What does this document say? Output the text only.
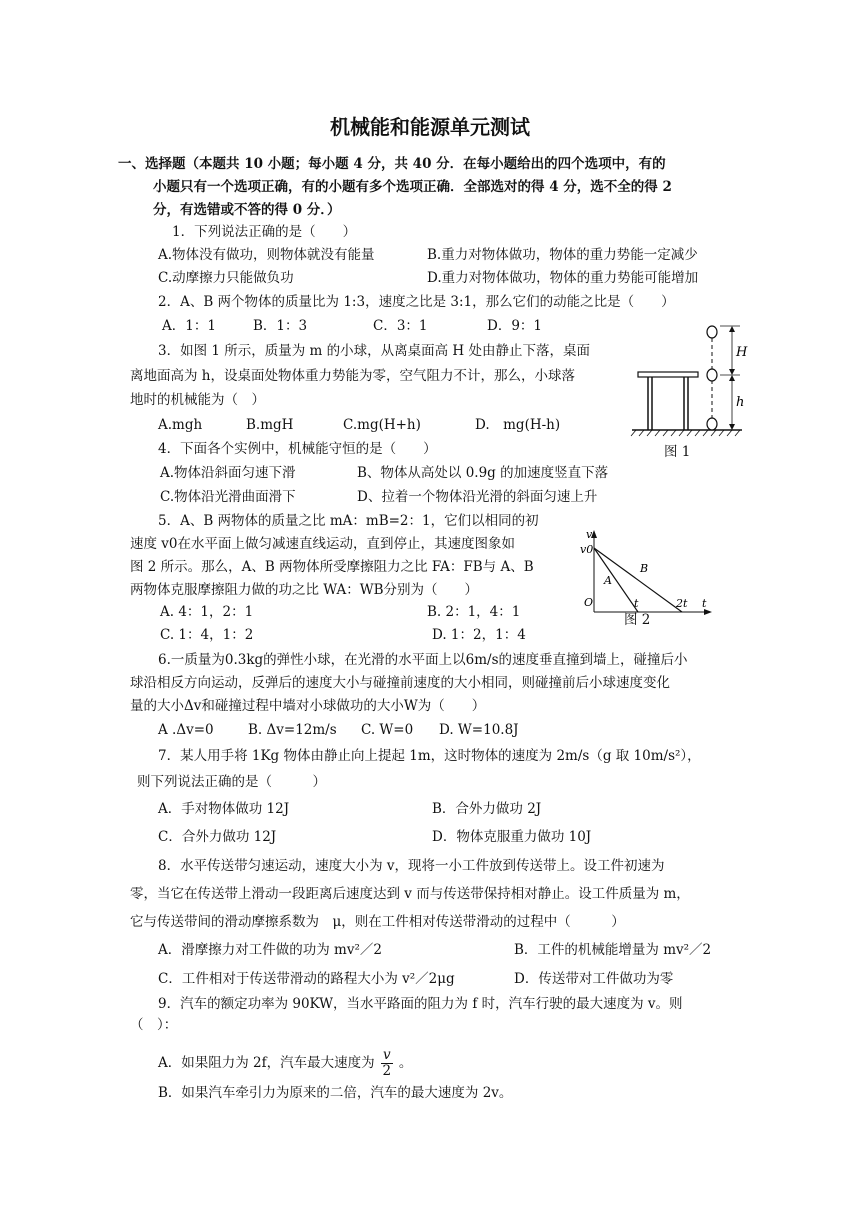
机械能和能源单元测试
一、选择题（本题共 10 小题；每小题 4 分，共 40 分．在每小题给出的四个选项中，有的
小题只有一个选项正确，有的小题有多个选项正确．全部选对的得 4 分，选不全的得 2
分，有选错或不答的得 0 分．）
1．下列说法正确的是（　　）
A.物体没有做功，则物体就没有能量	B.重力对物体做功，物体的重力势能一定减少
C.动摩擦力只能做负功	D.重力对物体做功，物体的重力势能可能增加
2．A、B 两个物体的质量比为 1:3，速度之比是 3:1，那么它们的动能之比是（　　）
A．1：1	B．1：3	C．3：1	D．9：1
3．如图 1 所示，质量为 m 的小球，从离桌面高 H 处由静止下落，桌面
离地面高为 h，设桌面处物体重力势能为零，空气阻力不计，那么，小球落
地时的机械能为（　）
A.mgh	B.mgH	C.mg(H+h)	D.　mg(H-h)
H
h
图 1
4．下面各个实例中，机械能守恒的是（　　）
A.物体沿斜面匀速下滑	B、物体从高处以 0.9g 的加速度竖直下落
C.物体沿光滑曲面滑下	D、拉着一个物体沿光滑的斜面匀速上升
5．A、B 两物体的质量之比 mA：mB=2：1，它们以相同的初
速度 v0在水平面上做匀减速直线运动，直到停止，其速度图象如
图 2 所示。那么，A、B 两物体所受摩擦阻力之比 FA：FB与 A、B
两物体克服摩擦阻力做的功之比 WA：WB分别为（　　）
A. 4：1，2：1	B. 2：1，4：1
C. 1：4，1：2	D. 1：2，1：4
v
v0
A
B
O	t	2t t
图 2
6.一质量为0.3kg的弹性小球，在光滑的水平面上以6m/s的速度垂直撞到墙上，碰撞后小
球沿相反方向运动，反弹后的速度大小与碰撞前速度的大小相同，则碰撞前后小球速度变化
量的大小Δv和碰撞过程中墙对小球做功的大小W为（　　）
A .Δv=0	B. Δv=12m/s C. W=0 D. W=10.8J
7．某人用手将 1Kg 物体由静止向上提起 1m，这时物体的速度为 2m/s（g 取 10m/s²），
则下列说法正确的是（　　　）
A．手对物体做功 12J	B．合外力做功 2J
C．合外力做功 12J	D．物体克服重力做功 10J
8．水平传送带匀速运动，速度大小为 v，现将一小工件放到传送带上。设工件初速为
零，当它在传送带上滑动一段距离后速度达到 v 而与传送带保持相对静止。设工件质量为 m，
它与传送带间的滑动摩擦系数为　μ，则在工件相对传送带滑动的过程中（　　　）
A．滑摩擦力对工件做的功为 mv²／2	B．工件的机械能增量为 mv²／2
C．工件相对于传送带滑动的路程大小为 v²／2μg	D．传送带对工件做功为零
9．汽车的额定功率为 90KW，当水平路面的阻力为 f 时，汽车行驶的最大速度为 v。则
（　）：
A．如果阻力为 2f，汽车最大速度为 $\frac{v}{2}$ 。
B．如果汽车牵引力为原来的二倍，汽车的最大速度为 2v。
